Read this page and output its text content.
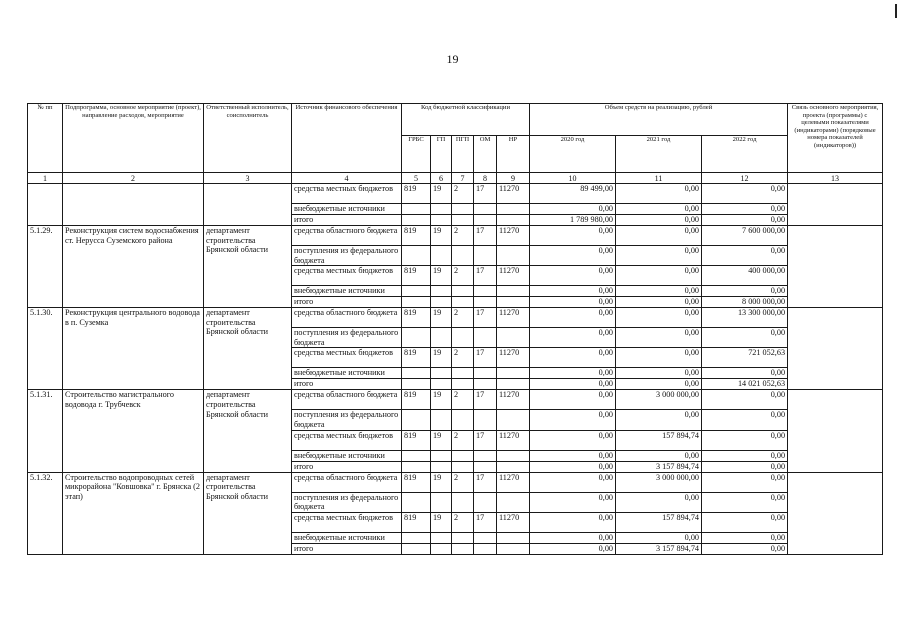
19
№ пп	Подпрограмма, основное мероприятие (проект), направление расходов, мероприятие	Ответственный исполнитель, соисполнитель	Источник финансового обеспечения	Код бюджетной классификации					Объем средств на реализацию, рублей			Связь основного мероприятия, проекта (программы) с целевыми показателями (индикаторами) (порядковые номера показателей (индикаторов))
				ГРБС	ГП	ПГП	ОМ	НР	2020 год	2021 год	2022 год	
1	2	3	4	5	6	7	8	9	10	11	12	13
			средства местных бюджетов	819	19	2	17	11270	89 499,00	0,00	0,00	
			внебюджетные источники						0,00	0,00	0,00	
			итого						1 789 980,00	0,00	0,00	
5.1.29.	Реконструкция систем водоснабжения ст. Нерусса Суземского района	департамент строительства Брянской области	средства областного бюджета	819	19	2	17	11270	0,00	0,00	7 600 000,00	
			поступления из федерального бюджета						0,00	0,00	0,00	
			средства местных бюджетов	819	19	2	17	11270	0,00	0,00	400 000,00	
			внебюджетные источники						0,00	0,00	0,00	
			итого						0,00	0,00	8 000 000,00	
5.1.30.	Реконструкция центрального водовода в п. Суземка	департамент строительства Брянской области	средства областного бюджета	819	19	2	17	11270	0,00	0,00	13 300 000,00	
			поступления из федерального бюджета						0,00	0,00	0,00	
			средства местных бюджетов	819	19	2	17	11270	0,00	0,00	721 052,63	
			внебюджетные источники						0,00	0,00	0,00	
			итого						0,00	0,00	14 021 052,63	
5.1.31.	Строительство магистрального водовода г. Трубчевск	департамент строительства Брянской области	средства областного бюджета	819	19	2	17	11270	0,00	3 000 000,00	0,00	
			поступления из федерального бюджета						0,00	0,00	0,00	
			средства местных бюджетов	819	19	2	17	11270	0,00	157 894,74	0,00	
			внебюджетные источники						0,00	0,00	0,00	
			итого						0,00	3 157 894,74	0,00	
5.1.32.	Строительство водопроводных сетей микрорайона "Ковшовка" г. Брянска (2 этап)	департамент строительства Брянской области	средства областного бюджета	819	19	2	17	11270	0,00	3 000 000,00	0,00	
			поступления из федерального бюджета						0,00	0,00	0,00	
			средства местных бюджетов	819	19	2	17	11270	0,00	157 894,74	0,00	
			внебюджетные источники						0,00	0,00	0,00	
			итого						0,00	3 157 894,74	0,00	
